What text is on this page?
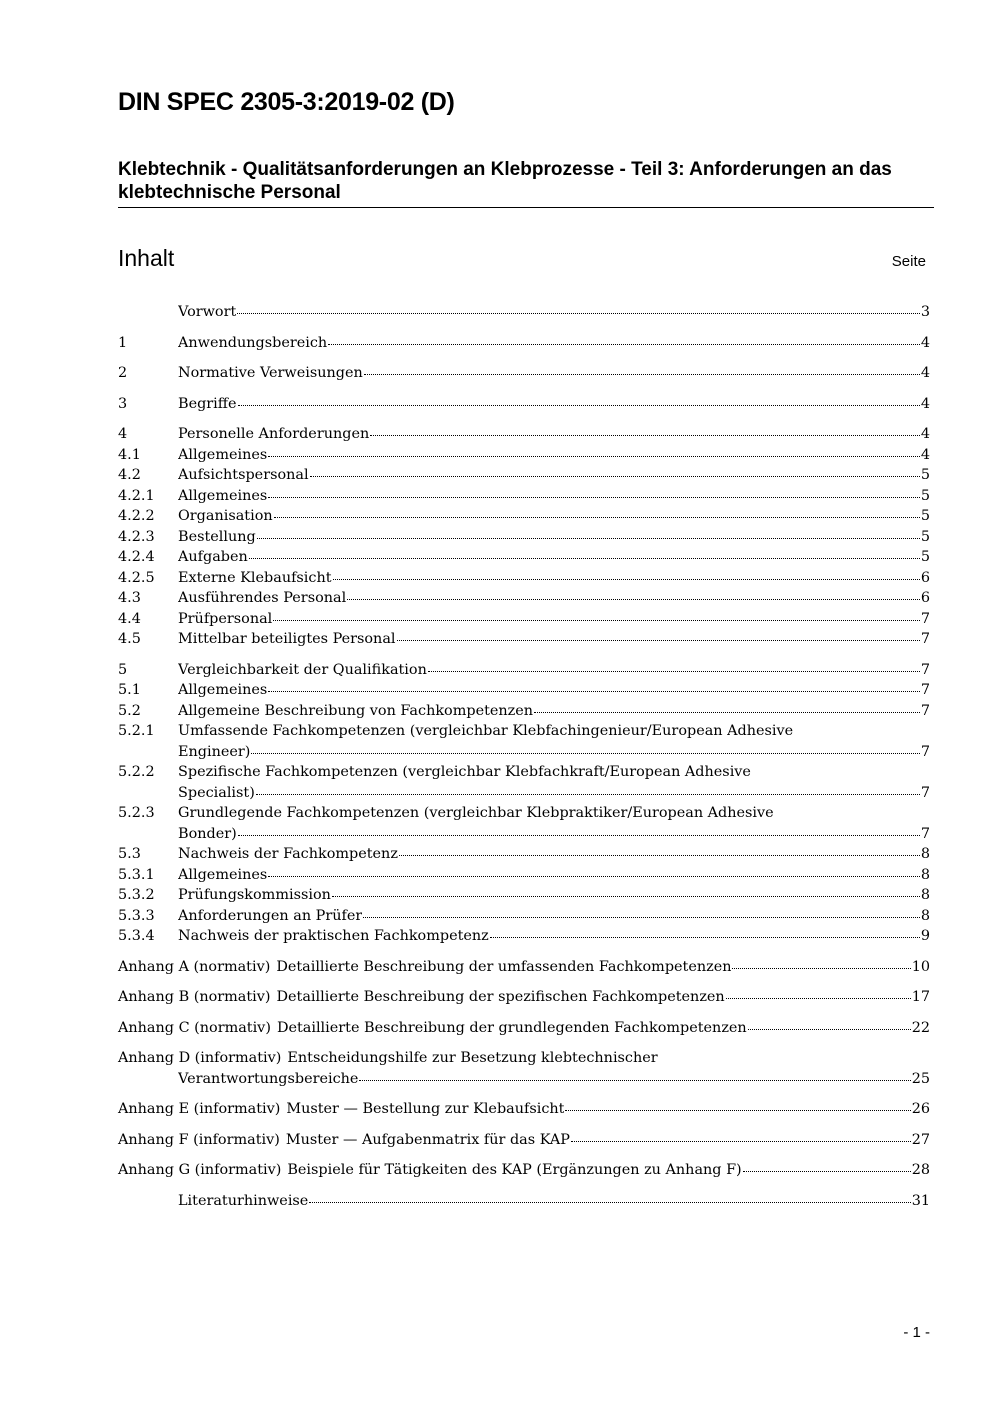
DIN SPEC 2305-3:2019-02 (D)
Klebtechnik - Qualitätsanforderungen an Klebprozesse - Teil 3: Anforderungen an das klebtechnische Personal
Inhalt	Seite
Vorwort	3
1	Anwendungsbereich	4
2	Normative Verweisungen	4
3	Begriffe	4
4	Personelle Anforderungen	4
4.1	Allgemeines	4
4.2	Aufsichtspersonal	5
4.2.1	Allgemeines	5
4.2.2	Organisation	5
4.2.3	Bestellung	5
4.2.4	Aufgaben	5
4.2.5	Externe Klebaufsicht	6
4.3	Ausführendes Personal	6
4.4	Prüfpersonal	7
4.5	Mittelbar beteiligtes Personal	7
5	Vergleichbarkeit der Qualifikation	7
5.1	Allgemeines	7
5.2	Allgemeine Beschreibung von Fachkompetenzen	7
5.2.1	Umfassende Fachkompetenzen (vergleichbar Klebfachingenieur/European Adhesive
Engineer)	7
5.2.2	Spezifische Fachkompetenzen (vergleichbar Klebfachkraft/European Adhesive
Specialist)	7
5.2.3	Grundlegende Fachkompetenzen (vergleichbar Klebpraktiker/European Adhesive
Bonder)	7
5.3	Nachweis der Fachkompetenz	8
5.3.1	Allgemeines	8
5.3.2	Prüfungskommission	8
5.3.3	Anforderungen an Prüfer	8
5.3.4	Nachweis der praktischen Fachkompetenz	9
Anhang A (normativ) Detaillierte Beschreibung der umfassenden Fachkompetenzen	10
Anhang B (normativ) Detaillierte Beschreibung der spezifischen Fachkompetenzen	17
Anhang C (normativ) Detaillierte Beschreibung der grundlegenden Fachkompetenzen	22
Anhang D (informativ) Entscheidungshilfe zur Besetzung klebtechnischer
Verantwortungsbereiche	25
Anhang E (informativ) Muster — Bestellung zur Klebaufsicht	26
Anhang F (informativ) Muster — Aufgabenmatrix für das KAP	27
Anhang G (informativ) Beispiele für Tätigkeiten des KAP (Ergänzungen zu Anhang F)	28
Literaturhinweise	31
- 1 -
